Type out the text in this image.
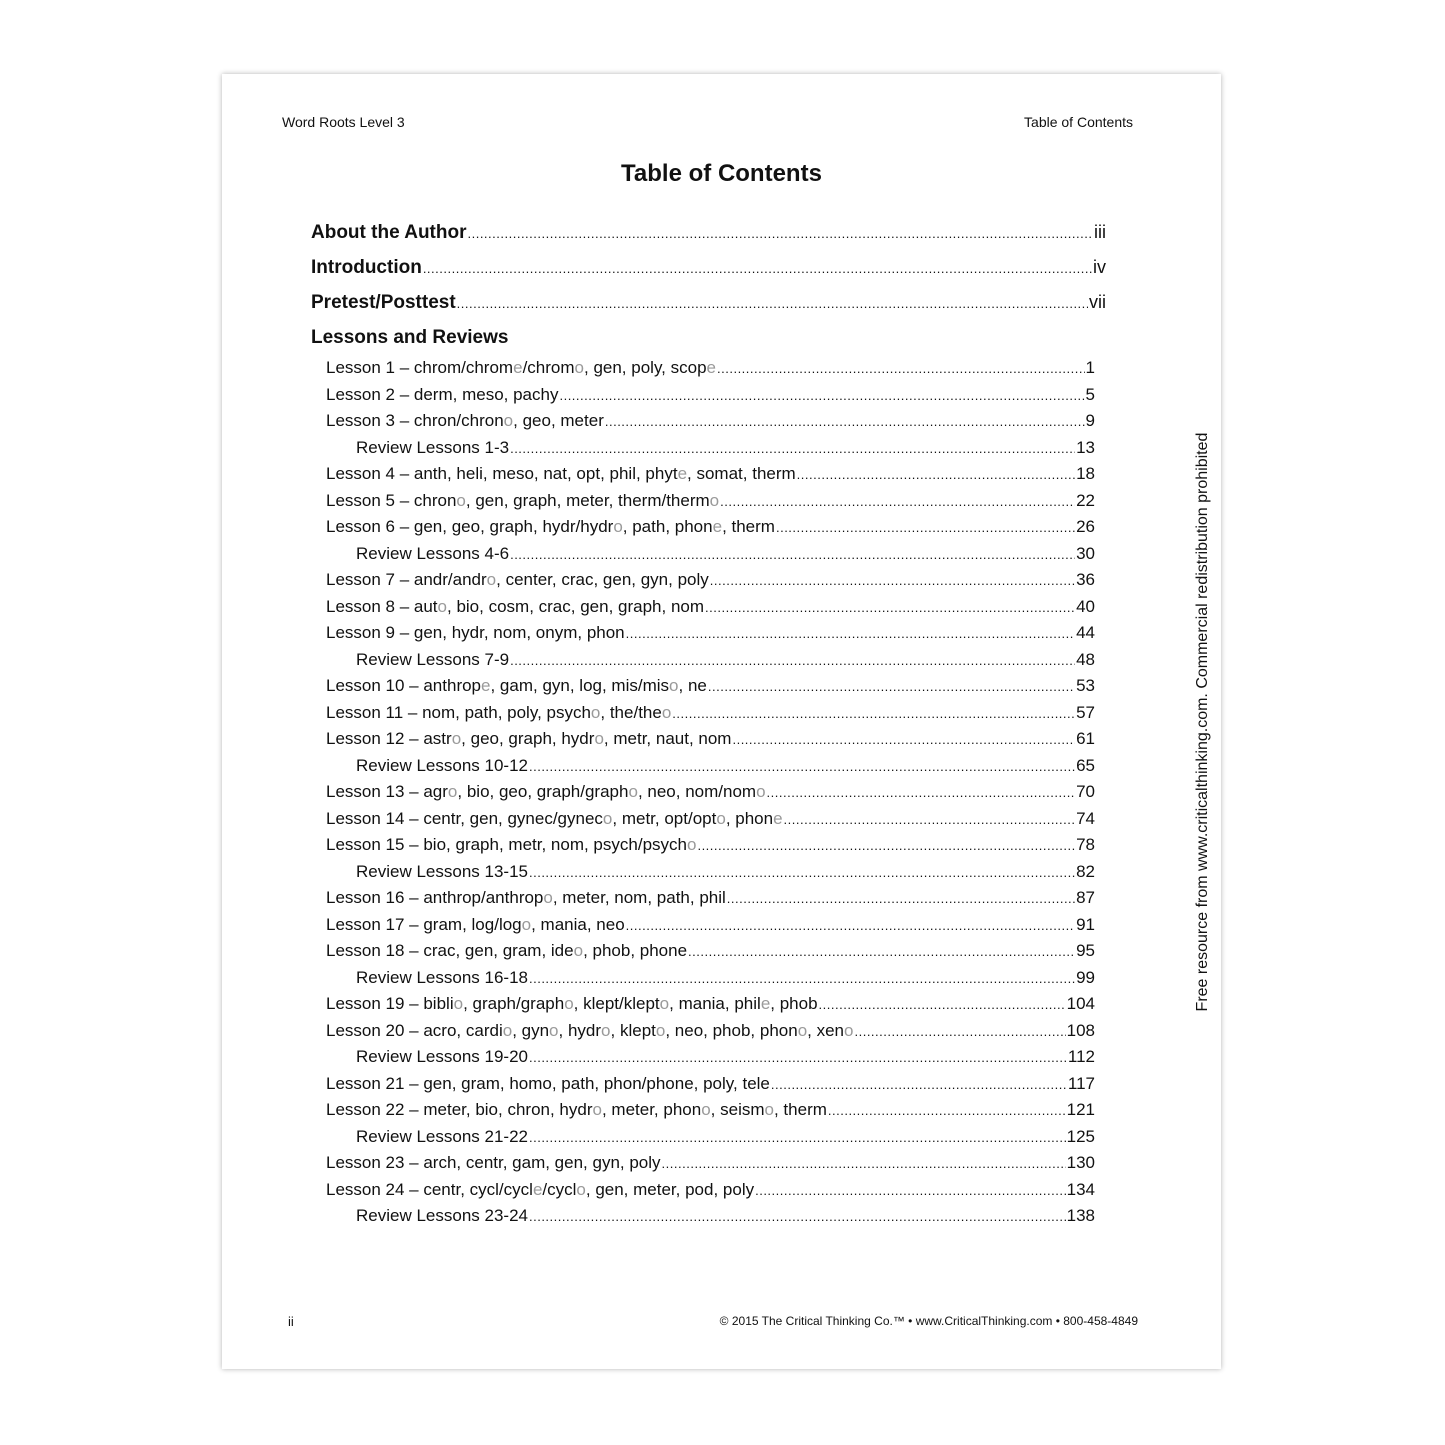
Word Roots Level 3	Table of Contents
Table of Contents
About the Author .....	iii
Introduction .....	iv
Pretest/Posttest .....	vii
Lessons and Reviews
Lesson 1 – chrom/chrome/chromo, gen, poly, scope .....	1
Lesson 2 – derm, meso, pachy .....	5
Lesson 3 – chron/chrono, geo, meter .....	9
Review Lessons 1-3 .....	13
Lesson 4 – anth, heli, meso, nat, opt, phil, phyte, somat, therm .....	18
Lesson 5 – chrono, gen, graph, meter, therm/thermo .....	22
Lesson 6 – gen, geo, graph, hydr/hydro, path, phone, therm .....	26
Review Lessons 4-6 .....	30
Lesson 7 – andr/andro, center, crac, gen, gyn, poly .....	36
Lesson 8 – auto, bio, cosm, crac, gen, graph, nom .....	40
Lesson 9 – gen, hydr, nom, onym, phon .....	44
Review Lessons 7-9 .....	48
Lesson 10 – anthrope, gam, gyn, log, mis/miso, ne .....	53
Lesson 11 – nom, path, poly, psycho, the/theo .....	57
Lesson 12 – astro, geo, graph, hydro, metr, naut, nom .....	61
Review Lessons 10-12 .....	65
Lesson 13 – agro, bio, geo, graph/grapho, neo, nom/nomo .....	70
Lesson 14 – centr, gen, gynec/gyneco, metr, opt/opto, phone .....	74
Lesson 15 – bio, graph, metr, nom, psych/psycho .....	78
Review Lessons 13-15 .....	82
Lesson 16 – anthrop/anthropo, meter, nom, path, phil .....	87
Lesson 17 – gram, log/logo, mania, neo .....	91
Lesson 18 – crac, gen, gram, ideo, phob, phone .....	95
Review Lessons 16-18 .....	99
Lesson 19 – biblio, graph/grapho, klept/klepto, mania, phile, phob .....	104
Lesson 20 – acro, cardio, gyno, hydro, klepto, neo, phob, phono, xeno .....	108
Review Lessons 19-20 .....	112
Lesson 21 – gen, gram, homo, path, phon/phone, poly, tele .....	117
Lesson 22 – meter, bio, chron, hydro, meter, phono, seismo, therm .....	121
Review Lessons 21-22 .....	125
Lesson 23 – arch, centr, gam, gen, gyn, poly .....	130
Lesson 24 – centr, cycl/cycle/cyclo, gen, meter, pod, poly .....	134
Review Lessons 23-24 .....	138
ii	© 2015 The Critical Thinking Co.™ • www.CriticalThinking.com • 800-458-4849
Free resource from www.criticalthinking.com. Commercial redistribution prohibited
